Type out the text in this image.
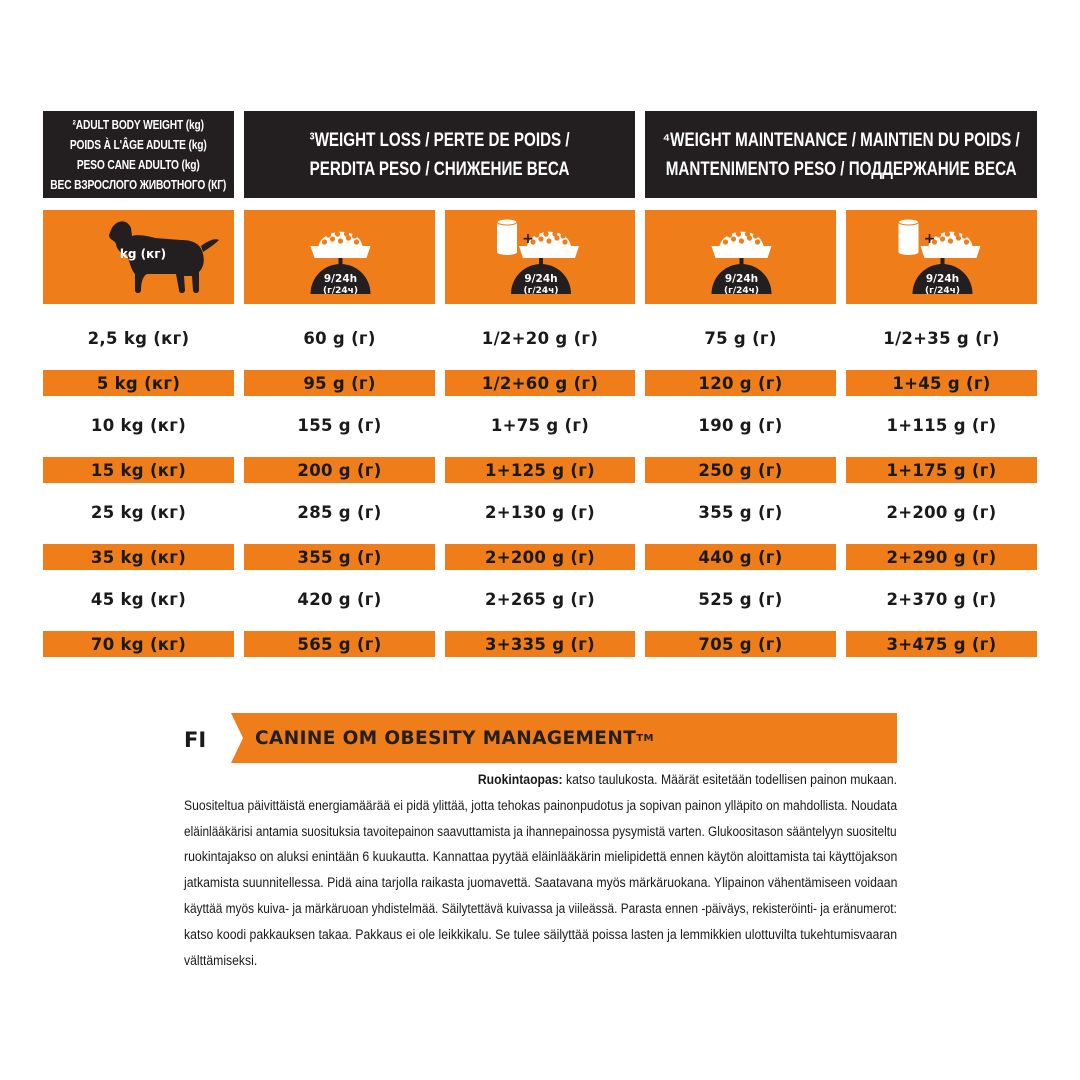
²ADULT BODY WEIGHT (kg)
POIDS À L'ÂGE ADULTE (kg)
PESO CANE ADULTO (kg)
ВЕС ВЗРОСЛОГО ЖИВОТНОГО (КГ)
³WEIGHT LOSS / PERTE DE POIDS /
PERDITA PESO / СНИЖЕНИЕ ВЕСА
⁴WEIGHT MAINTENANCE / MAINTIEN DU POIDS /
MANTENIMENTO PESO / ПОДДЕРЖАНИЕ ВЕСА
kg (кг)
9/24h
(г/24ч)
+
9/24h
(г/24ч)
9/24h
(г/24ч)
+
9/24h
(г/24ч)
2,5 kg (кг)	60 g (г)	1/2+20 g (г)	75 g (г)	1/2+35 g (г)
5 kg (кг)	95 g (г)	1/2+60 g (г)	120 g (г)	1+45 g (г)
10 kg (кг)	155 g (г)	1+75 g (г)	190 g (г)	1+115 g (г)
15 kg (кг)	200 g (г)	1+125 g (г)	250 g (г)	1+175 g (г)
25 kg (кг)	285 g (г)	2+130 g (г)	355 g (г)	2+200 g (г)
35 kg (кг)	355 g (г)	2+200 g (г)	440 g (г)	2+290 g (г)
45 kg (кг)	420 g (г)	2+265 g (г)	525 g (г)	2+370 g (г)
70 kg (кг)	565 g (г)	3+335 g (г)	705 g (г)	3+475 g (г)
FI	CANINE OM OBESITY MANAGEMENT TM
Ruokintaopas: katso taulukosta. Määrät esitetään todellisen painon mukaan.
Suositeltua päivittäistä energiamäärää ei pidä ylittää, jotta tehokas painonpudotus ja sopivan painon ylläpito on mahdollista. Noudata
eläinlääkärisi antamia suosituksia tavoitepainon saavuttamista ja ihannepainossa pysymistä varten. Glukoositason sääntelyyn suositeltu
ruokintajakso on aluksi enintään 6 kuukautta. Kannattaa pyytää eläinlääkärin mielipidettä ennen käytön aloittamista tai käyttöjakson
jatkamista suunnitellessa. Pidä aina tarjolla raikasta juomavettä. Saatavana myös märkäruokana. Ylipainon vähentämiseen voidaan
käyttää myös kuiva- ja märkäruoan yhdistelmää. Säilytettävä kuivassa ja viileässä. Parasta ennen -päiväys, rekisteröinti- ja eränumerot:
katso koodi pakkauksen takaa. Pakkaus ei ole leikkikalu. Se tulee säilyttää poissa lasten ja lemmikkien ulottuvilta tukehtumisvaaran
välttämiseksi.
